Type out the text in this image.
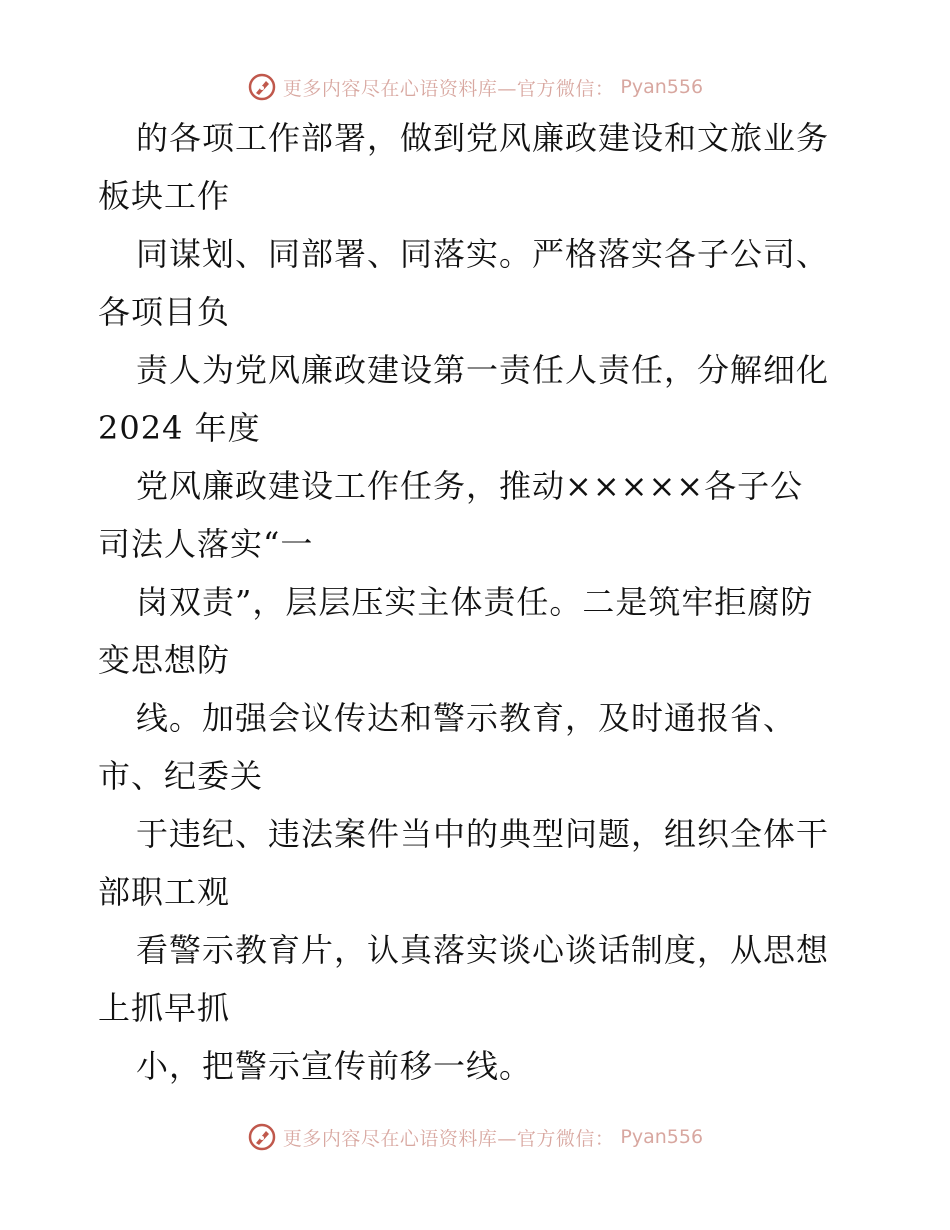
更多内容尽在心语资料库—官方微信： Pyan556
的各项工作部署，做到党风廉政建设和文旅业务
板块工作
同谋划、同部署、同落实。严格落实各子公司、
各项目负
责人为党风廉政建设第一责任人责任，分解细化
2024 年度
党风廉政建设工作任务，推动×××××各子公
司法人落实“一
岗双责”，层层压实主体责任。二是筑牢拒腐防
变思想防
线。加强会议传达和警示教育，及时通报省、
市、纪委关
于违纪、违法案件当中的典型问题，组织全体干
部职工观
看警示教育片，认真落实谈心谈话制度，从思想
上抓早抓
小，把警示宣传前移一线。
更多内容尽在心语资料库—官方微信： Pyan556
